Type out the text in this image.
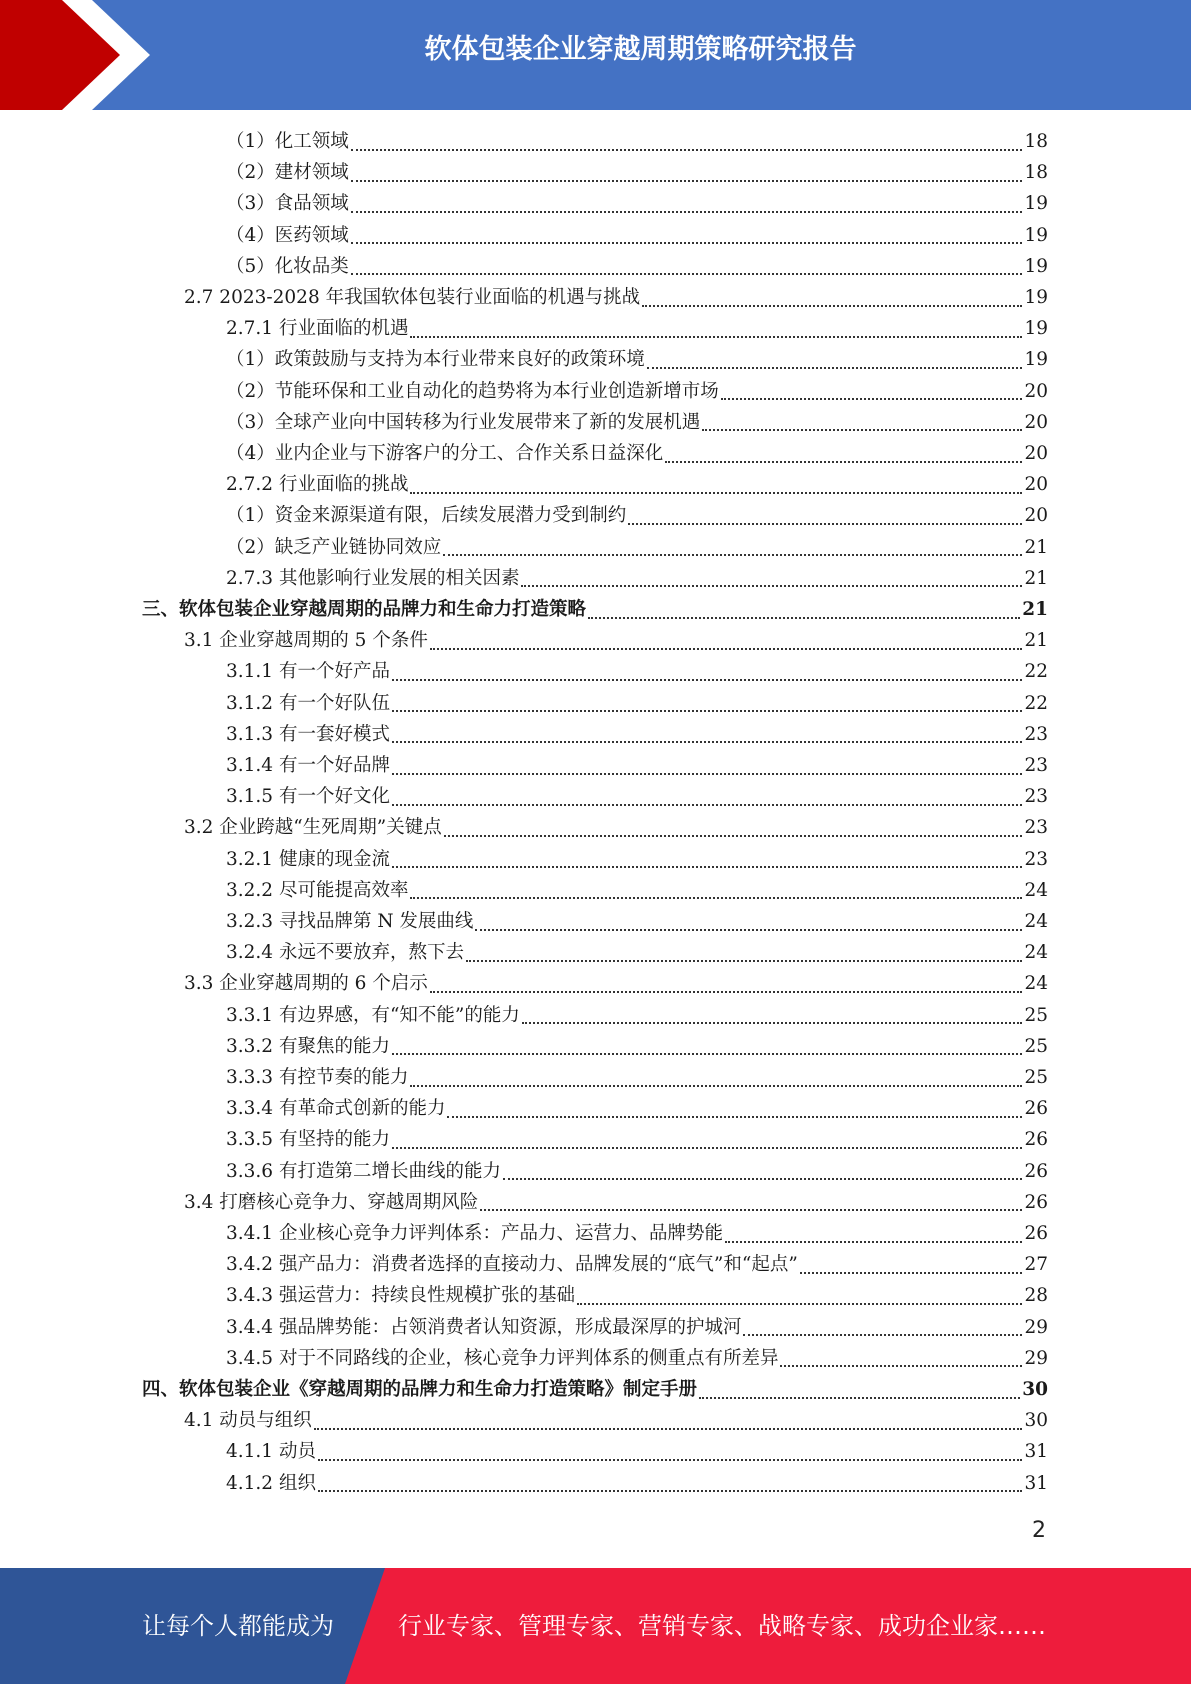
软体包装企业穿越周期策略研究报告
（1）化工领域	18
（2）建材领域	18
（3）食品领域	19
（4）医药领域	19
（5）化妆品类	19
2.7 2023-2028 年我国软体包装行业面临的机遇与挑战	19
2.7.1 行业面临的机遇	19
（1）政策鼓励与支持为本行业带来良好的政策环境	19
（2）节能环保和工业自动化的趋势将为本行业创造新增市场	20
（3）全球产业向中国转移为行业发展带来了新的发展机遇	20
（4）业内企业与下游客户的分工、合作关系日益深化	20
2.7.2 行业面临的挑战	20
（1）资金来源渠道有限，后续发展潜力受到制约	20
（2）缺乏产业链协同效应	21
2.7.3 其他影响行业发展的相关因素	21
三、软体包装企业穿越周期的品牌力和生命力打造策略	21
3.1 企业穿越周期的 5 个条件	21
3.1.1 有一个好产品	22
3.1.2 有一个好队伍	22
3.1.3 有一套好模式	23
3.1.4 有一个好品牌	23
3.1.5 有一个好文化	23
3.2 企业跨越“生死周期”关键点	23
3.2.1 健康的现金流	23
3.2.2 尽可能提高效率	24
3.2.3 寻找品牌第 N 发展曲线	24
3.2.4 永远不要放弃，熬下去	24
3.3 企业穿越周期的 6 个启示	24
3.3.1 有边界感，有“知不能”的能力	25
3.3.2 有聚焦的能力	25
3.3.3 有控节奏的能力	25
3.3.4 有革命式创新的能力	26
3.3.5 有坚持的能力	26
3.3.6 有打造第二增长曲线的能力	26
3.4 打磨核心竞争力、穿越周期风险	26
3.4.1 企业核心竞争力评判体系：产品力、运营力、品牌势能	26
3.4.2 强产品力：消费者选择的直接动力、品牌发展的“底气”和“起点”	27
3.4.3 强运营力：持续良性规模扩张的基础	28
3.4.4 强品牌势能：占领消费者认知资源，形成最深厚的护城河	29
3.4.5 对于不同路线的企业，核心竞争力评判体系的侧重点有所差异	29
四、软体包装企业《穿越周期的品牌力和生命力打造策略》制定手册	30
4.1 动员与组织	30
4.1.1 动员	31
4.1.2 组织	31
2
让每个人都能成为	行业专家、管理专家、营销专家、战略专家、成功企业家……
